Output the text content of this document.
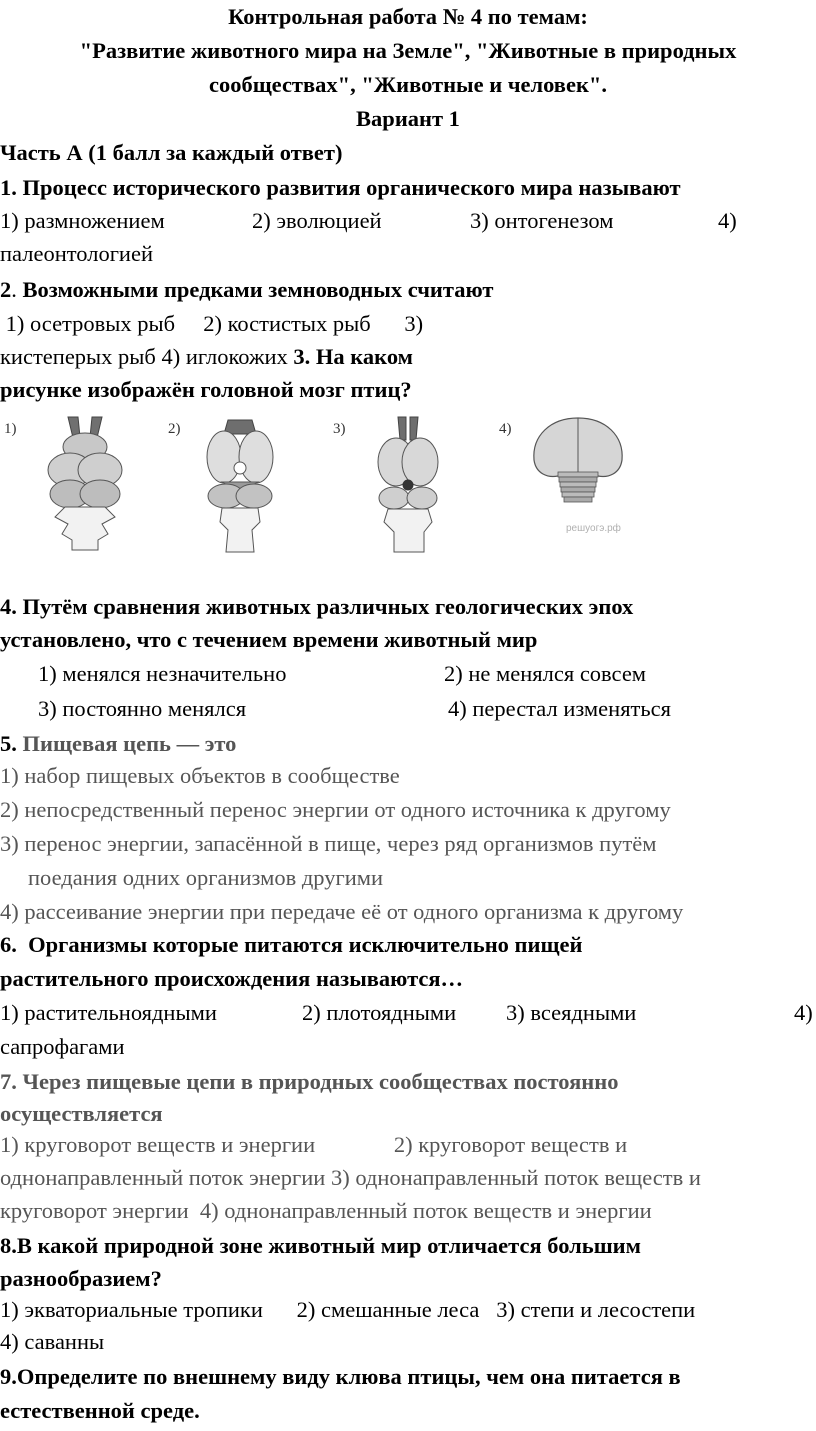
Контрольная работа № 4 по темам:
"Развитие животного мира на Земле", "Животные в природных
сообществах", "Животные и человек".
Вариант 1
Часть А (1 балл за каждый ответ)
1. Процесс исторического развития органического мира называют
1) размножением	2) эволюцией	3) онтогенезом	4)
палеонтологией
2. Возможными предками земноводных считают
1) осетровых рыб     2) костистых рыб      3)
кистеперых рыб 4) иглокожих 3. На каком
рисунке изображён головной мозг птиц?
1)	2)	3)	4)
решуогэ.рф
4. Путём сравнения животных различных геологических эпох
установлено, что с течением времени животный мир
1) менялся незначительно	2) не менялся совсем
3) постоянно менялся	4) перестал изменяться
5. Пищевая цепь — это
1) набор пищевых объектов в сообществе
2) непосредственный перенос энергии от одного источника к другому
3) перенос энергии, запасённой в пище, через ряд организмов путём
поедания одних организмов другими
4) рассеивание энергии при передаче её от одного организма к другому
6.  Организмы которые питаются исключительно пищей
растительного происхождения называются…
1) растительноядными	2) плотоядными 3) всеядными	4)
сапрофагами
7. Через пищевые цепи в природных сообществах постоянно
осуществляется
1) круговорот веществ и энергии              2) круговорот веществ и
однонаправленный поток энергии 3) однонаправленный поток веществ и
круговорот энергии  4) однонаправленный поток веществ и энергии
8.В какой природной зоне животный мир отличается большим
разнообразием?
1) экваториальные тропики      2) смешанные леса   3) степи и лесостепи
4) саванны
9.Определите по внешнему виду клюва птицы, чем она питается в
естественной среде.
